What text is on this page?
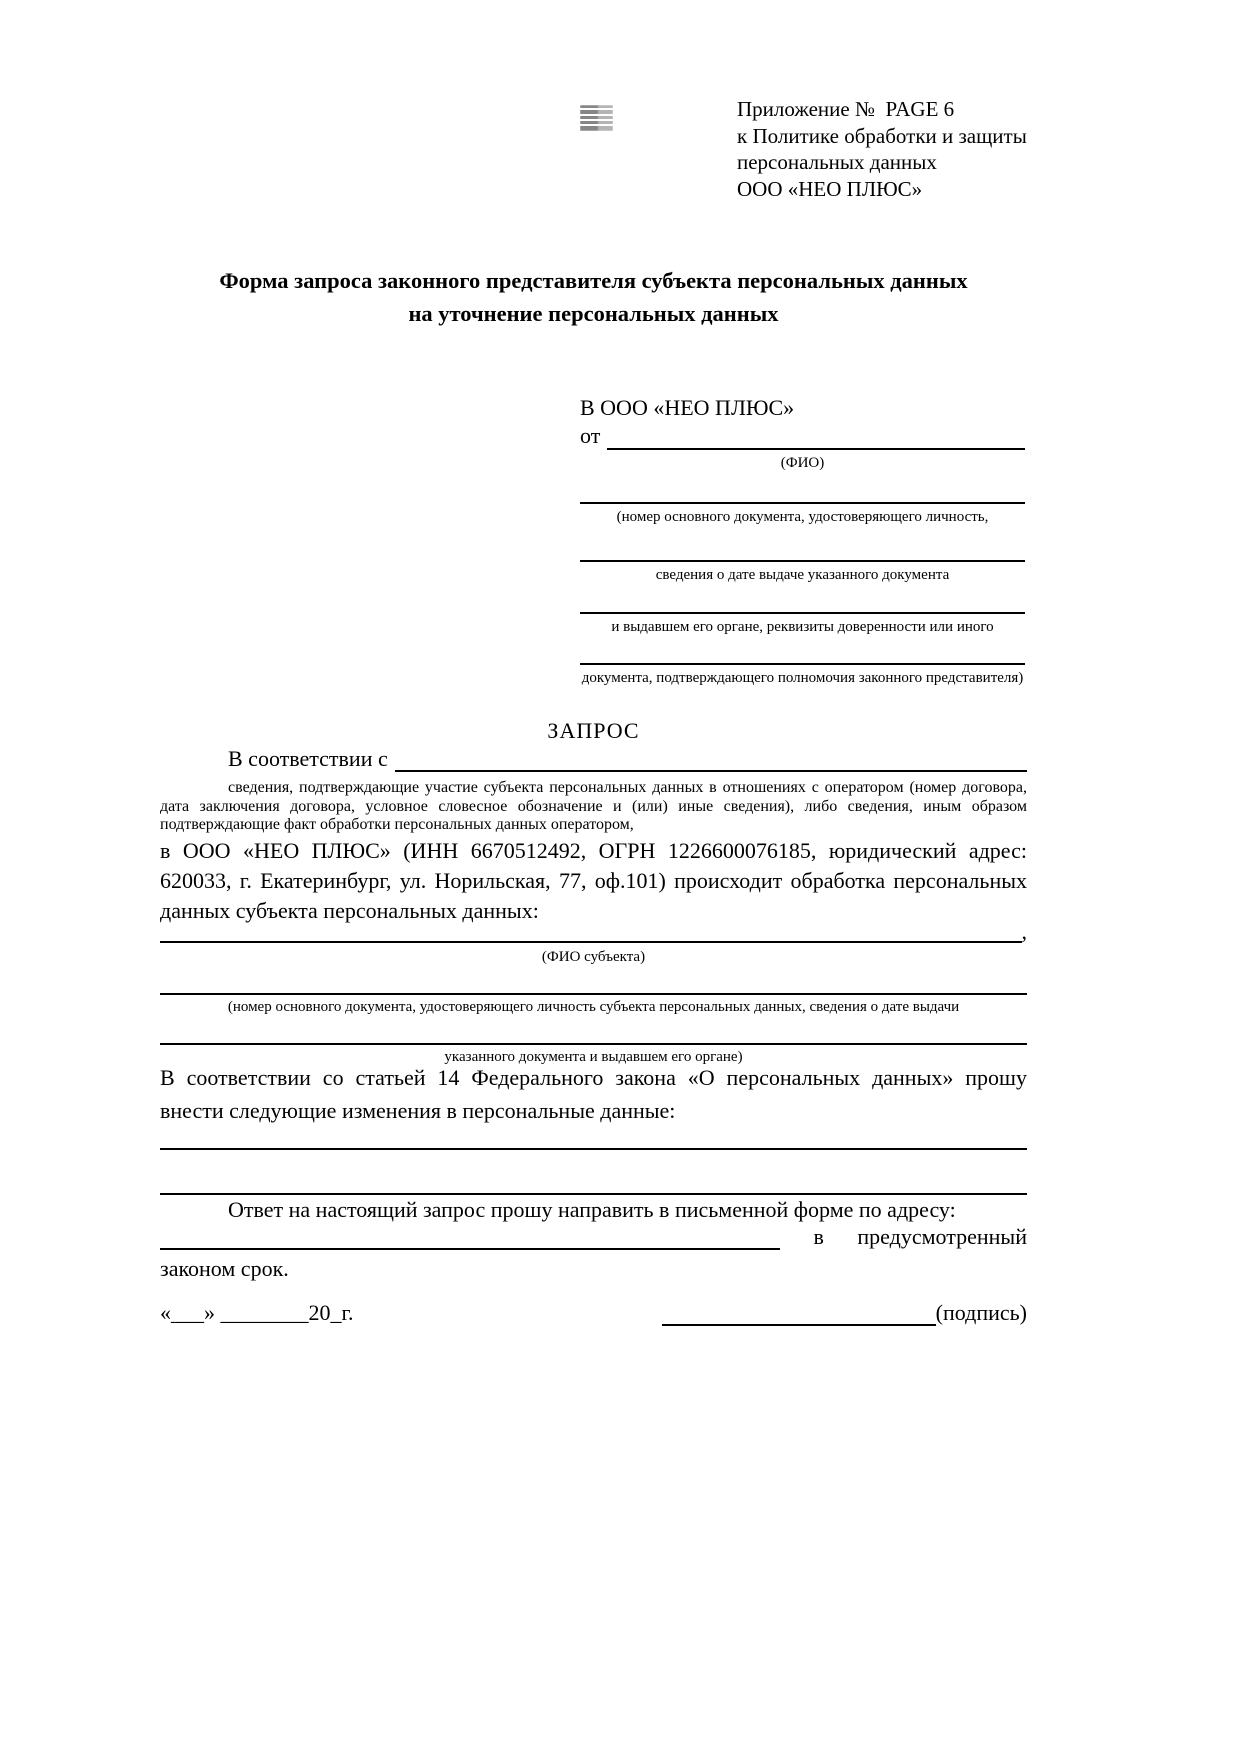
Приложение №  PAGE 6
к Политике обработки и защиты
персональных данных
ООО «НЕО ПЛЮС»
Форма запроса законного представителя субъекта персональных данных
на уточнение персональных данных
В ООО «НЕО ПЛЮС»
от
(ФИО)
(номер основного документа, удостоверяющего личность,
сведения о дате выдаче указанного документа
и выдавшем его органе, реквизиты доверенности или иного
документа, подтверждающего полномочия законного представителя)
ЗАПРОС
В соответствии с
сведения, подтверждающие участие субъекта персональных данных в отношениях с оператором (номер договора, дата заключения договора, условное словесное обозначение и (или) иные сведения), либо сведения, иным образом подтверждающие факт обработки персональных данных оператором,
в ООО «НЕО ПЛЮС» (ИНН 6670512492, ОГРН 1226600076185, юридический адрес: 620033, г. Екатеринбург, ул. Норильская, 77, оф.101) происходит обработка персональных данных субъекта персональных данных:
,
(ФИО субъекта)
(номер основного документа, удостоверяющего личность субъекта персональных данных, сведения о дате выдачи
указанного документа и выдавшем его органе)
В соответствии со статьей 14 Федерального закона «О персональных данных» прошу внести следующие изменения в персональные данные:
Ответ на настоящий запрос прошу направить в письменной форме по адресу:
в предусмотренный
законом срок.
«___» ________20_г.	(подпись)
